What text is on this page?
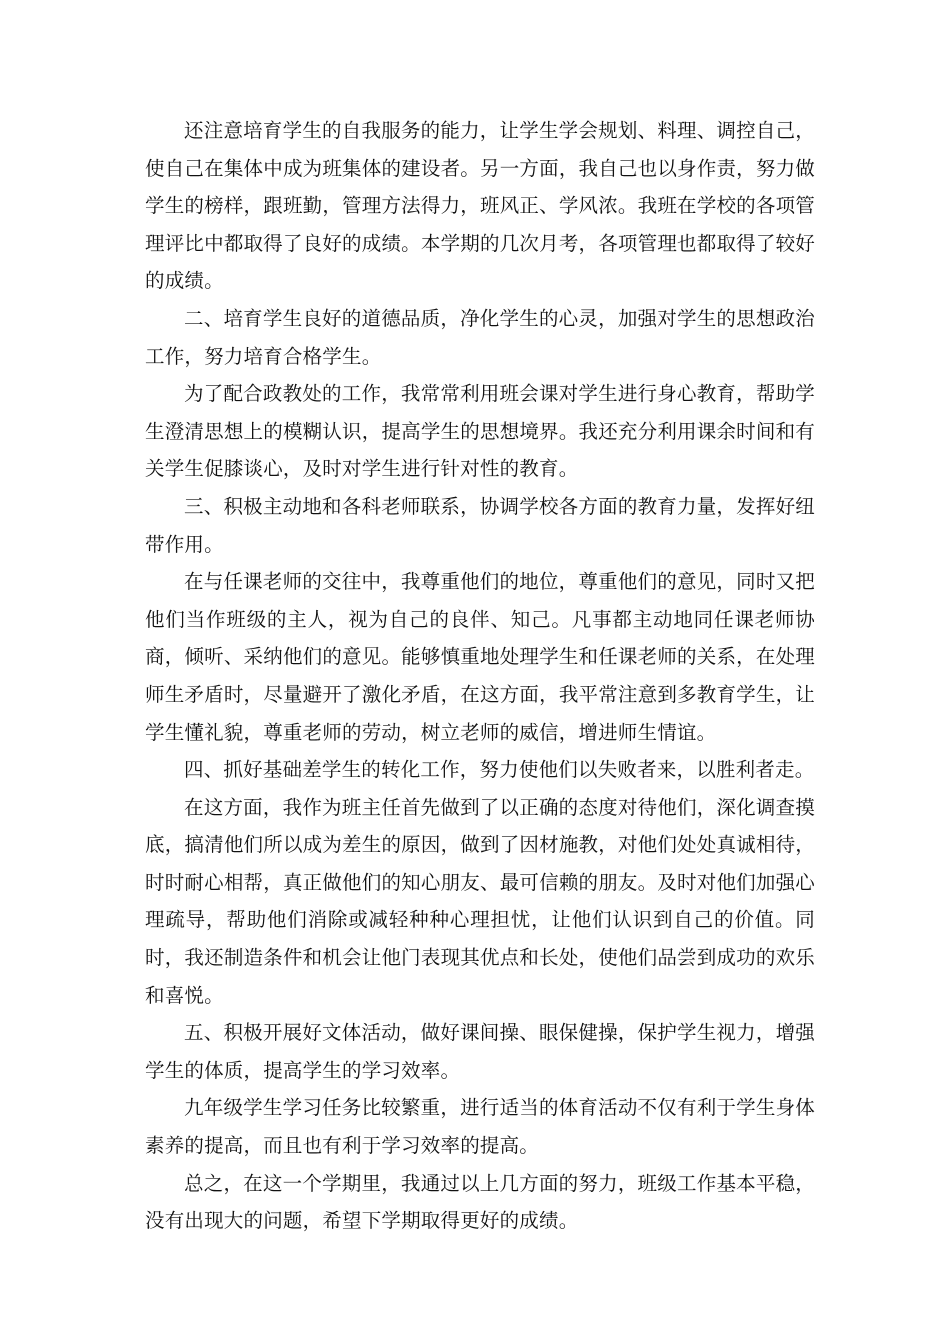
还注意培育学生的自我服务的能力，让学生学会规划、料理、调控自己，使自己在集体中成为班集体的建设者。另一方面，我自己也以身作责，努力做学生的榜样，跟班勤，管理方法得力，班风正、学风浓。我班在学校的各项管理评比中都取得了良好的成绩。本学期的几次月考，各项管理也都取得了较好的成绩。

二、培育学生良好的道德品质，净化学生的心灵，加强对学生的思想政治工作，努力培育合格学生。

为了配合政教处的工作，我常常利用班会课对学生进行身心教育，帮助学生澄清思想上的模糊认识，提高学生的思想境界。我还充分利用课余时间和有关学生促膝谈心，及时对学生进行针对性的教育。

三、积极主动地和各科老师联系，协调学校各方面的教育力量，发挥好纽带作用。

在与任课老师的交往中，我尊重他们的地位，尊重他们的意见，同时又把他们当作班级的主人，视为自己的良伴、知己。凡事都主动地同任课老师协商，倾听、采纳他们的意见。能够慎重地处理学生和任课老师的关系，在处理师生矛盾时，尽量避开了激化矛盾，在这方面，我平常注意到多教育学生，让学生懂礼貌，尊重老师的劳动，树立老师的威信，增进师生情谊。

四、抓好基础差学生的转化工作，努力使他们以失败者来，以胜利者走。

在这方面，我作为班主任首先做到了以正确的态度对待他们，深化调查摸底，搞清他们所以成为差生的原因，做到了因材施教，对他们处处真诚相待，时时耐心相帮，真正做他们的知心朋友、最可信赖的朋友。及时对他们加强心理疏导，帮助他们消除或减轻种种心理担忧，让他们认识到自己的价值。同时，我还制造条件和机会让他门表现其优点和长处，使他们品尝到成功的欢乐和喜悦。

五、积极开展好文体活动，做好课间操、眼保健操，保护学生视力，增强学生的体质，提高学生的学习效率。

九年级学生学习任务比较繁重，进行适当的体育活动不仅有利于学生身体素养的提高，而且也有利于学习效率的提高。

总之，在这一个学期里，我通过以上几方面的努力，班级工作基本平稳，没有出现大的问题，希望下学期取得更好的成绩。
